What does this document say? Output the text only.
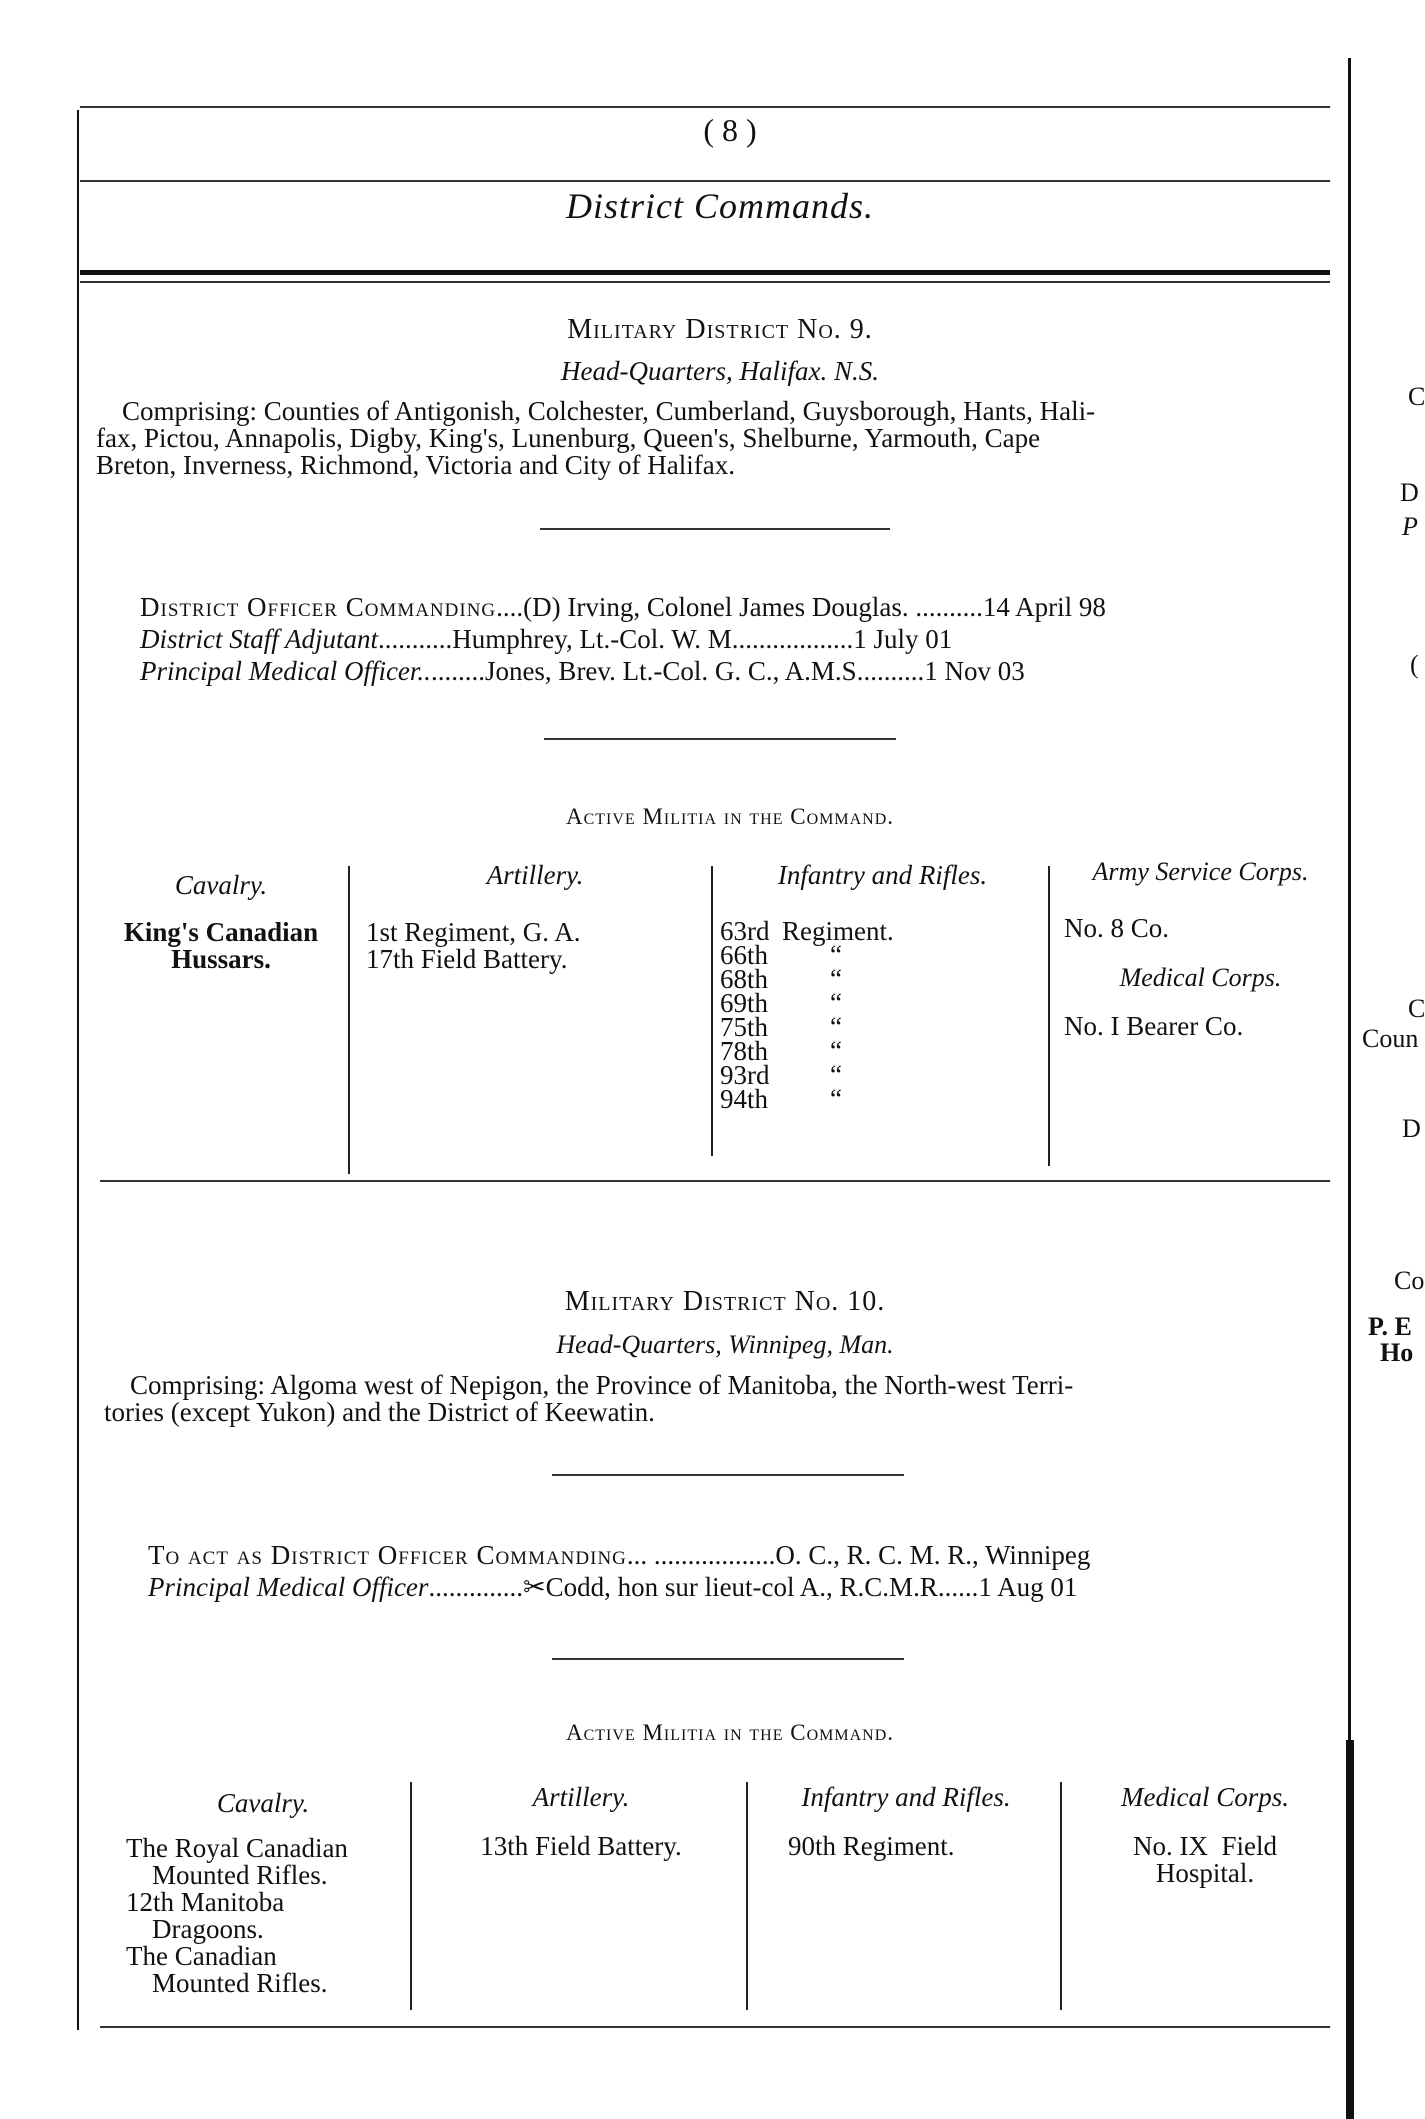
( 8 )
District Commands.
Military District No. 9.
Head-Quarters, Halifax. N.S.
Comprising: Counties of Antigonish, Colchester, Cumberland, Guysborough, Hants, Hali-
fax, Pictou, Annapolis, Digby, King's, Lunenburg, Queen's, Shelburne, Yarmouth, Cape
Breton, Inverness, Richmond, Victoria and City of Halifax.
District Officer Commanding....(D) Irving, Colonel James Douglas. ..........14 April 98
District Staff Adjutant...........Humphrey, Lt.-Col. W. M..................1 July 01
Principal Medical Officer..........Jones, Brev. Lt.-Col. G. C., A.M.S..........1 Nov 03
Active Militia in the Command.
Cavalry.
King's Canadian
Hussars.
Artillery.
1st Regiment, G. A.
17th Field Battery.
Infantry and Rifles.
63rd Regiment.
66th “
68th “
69th “
75th “
78th “
93rd “
94th “
Army Service Corps.
No. 8 Co.
Medical Corps.
No. I Bearer Co.
Military District No. 10.
Head-Quarters, Winnipeg, Man.
Comprising: Algoma west of Nepigon, the Province of Manitoba, the North-west Terri-
tories (except Yukon) and the District of Keewatin.
To act as District Officer Commanding... ..................O. C., R. C. M. R., Winnipeg
Principal Medical Officer..............✂Codd, hon sur lieut-col A., R.C.M.R......1 Aug 01
Active Militia in the Command.
Cavalry.
The Royal Canadian
Mounted Rifles.
12th Manitoba
Dragoons.
The Canadian
Mounted Rifles.
Artillery.
13th Field Battery.
Infantry and Rifles.
90th Regiment.
Medical Corps.
No. IX  Field
Hospital.
C
D
P
(
C
Coun
D
Co
P. E
Ho
